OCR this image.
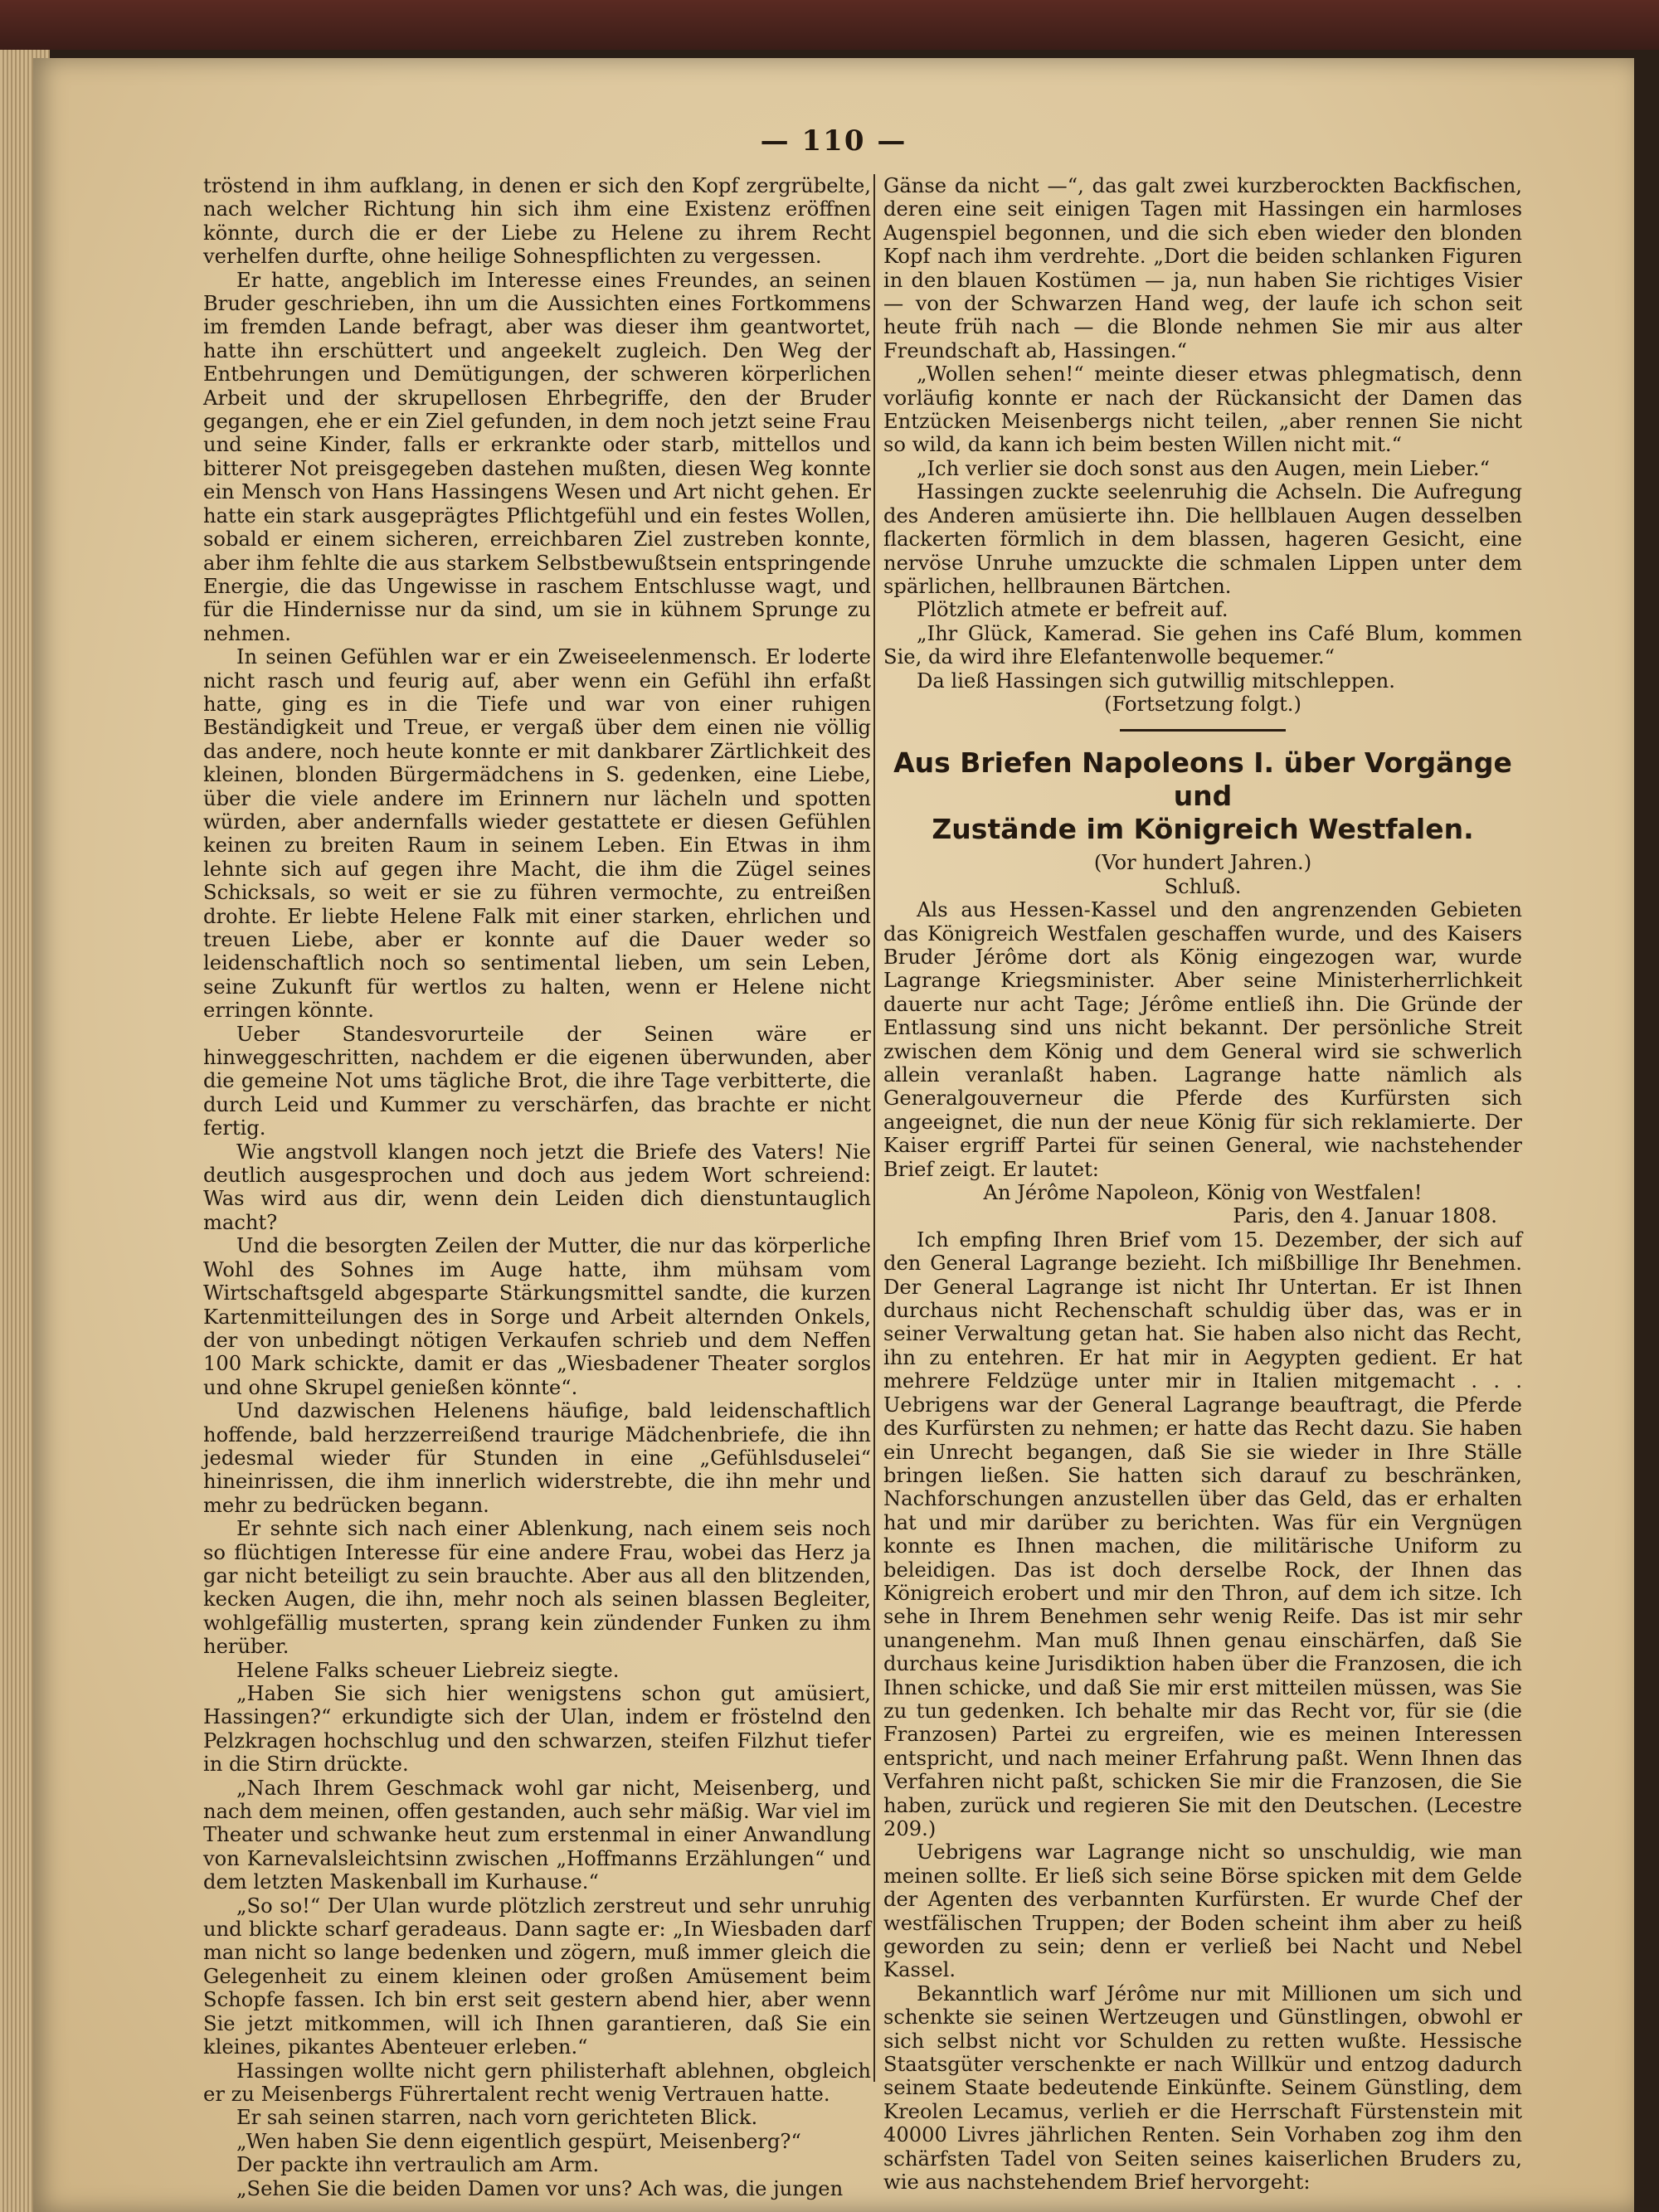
— 110 —

tröstend in ihm aufklang, in denen er sich den Kopf zergrübelte, nach welcher Richtung hin sich ihm eine Existenz eröffnen könnte, durch die er der Liebe zu Helene zu ihrem Recht verhelfen durfte, ohne heilige Sohnespflichten zu vergessen.

Er hatte, angeblich im Interesse eines Freundes, an seinen Bruder geschrieben, ihn um die Aussichten eines Fortkommens im fremden Lande befragt, aber was dieser ihm geantwortet, hatte ihn erschüttert und angeekelt zugleich. Den Weg der Entbehrungen und Demütigungen, der schweren körperlichen Arbeit und der skrupellosen Ehrbegriffe, den der Bruder gegangen, ehe er ein Ziel gefunden, in dem noch jetzt seine Frau und seine Kinder, falls er erkrankte oder starb, mittellos und bitterer Not preisgegeben dastehen mußten, diesen Weg konnte ein Mensch von Hans Hassingens Wesen und Art nicht gehen. Er hatte ein stark ausgeprägtes Pflichtgefühl und ein festes Wollen, sobald er einem sicheren, erreichbaren Ziel zustreben konnte, aber ihm fehlte die aus starkem Selbstbewußtsein entspringende Energie, die das Ungewisse in raschem Entschlusse wagt, und für die Hindernisse nur da sind, um sie in kühnem Sprunge zu nehmen.

In seinen Gefühlen war er ein Zweiseelenmensch. Er loderte nicht rasch und feurig auf, aber wenn ein Gefühl ihn erfaßt hatte, ging es in die Tiefe und war von einer ruhigen Beständigkeit und Treue, er vergaß über dem einen nie völlig das andere, noch heute konnte er mit dankbarer Zärtlichkeit des kleinen, blonden Bürgermädchens in S. gedenken, eine Liebe, über die viele andere im Erinnern nur lächeln und spotten würden, aber andernfalls wieder gestattete er diesen Gefühlen keinen zu breiten Raum in seinem Leben. Ein Etwas in ihm lehnte sich auf gegen ihre Macht, die ihm die Zügel seines Schicksals, so weit er sie zu führen vermochte, zu entreißen drohte. Er liebte Helene Falk mit einer starken, ehrlichen und treuen Liebe, aber er konnte auf die Dauer weder so leidenschaftlich noch so sentimental lieben, um sein Leben, seine Zukunft für wertlos zu halten, wenn er Helene nicht erringen könnte.

Ueber Standesvorurteile der Seinen wäre er hinweggeschritten, nachdem er die eigenen überwunden, aber die gemeine Not ums tägliche Brot, die ihre Tage verbitterte, die durch Leid und Kummer zu verschärfen, das brachte er nicht fertig.

Wie angstvoll klangen noch jetzt die Briefe des Vaters! Nie deutlich ausgesprochen und doch aus jedem Wort schreiend: Was wird aus dir, wenn dein Leiden dich dienstuntauglich macht?

Und die besorgten Zeilen der Mutter, die nur das körperliche Wohl des Sohnes im Auge hatte, ihm mühsam vom Wirtschaftsgeld abgesparte Stärkungsmittel sandte, die kurzen Kartenmitteilungen des in Sorge und Arbeit alternden Onkels, der von unbedingt nötigen Verkaufen schrieb und dem Neffen 100 Mark schickte, damit er das „Wiesbadener Theater sorglos und ohne Skrupel genießen könnte“.

Und dazwischen Helenens häufige, bald leidenschaftlich hoffende, bald herzzerreißend traurige Mädchenbriefe, die ihn jedesmal wieder für Stunden in eine „Gefühlsduselei“ hineinrissen, die ihm innerlich widerstrebte, die ihn mehr und mehr zu bedrücken begann.

Er sehnte sich nach einer Ablenkung, nach einem seis noch so flüchtigen Interesse für eine andere Frau, wobei das Herz ja gar nicht beteiligt zu sein brauchte. Aber aus all den blitzenden, kecken Augen, die ihn, mehr noch als seinen blassen Begleiter, wohlgefällig musterten, sprang kein zündender Funken zu ihm herüber.

Helene Falks scheuer Liebreiz siegte.

„Haben Sie sich hier wenigstens schon gut amüsiert, Hassingen?“ erkundigte sich der Ulan, indem er fröstelnd den Pelzkragen hochschlug und den schwarzen, steifen Filzhut tiefer in die Stirn drückte.

„Nach Ihrem Geschmack wohl gar nicht, Meisenberg, und nach dem meinen, offen gestanden, auch sehr mäßig. War viel im Theater und schwanke heut zum erstenmal in einer Anwandlung von Karnevalsleichtsinn zwischen „Hoffmanns Erzählungen“ und dem letzten Maskenball im Kurhause.“

„So so!“ Der Ulan wurde plötzlich zerstreut und sehr unruhig und blickte scharf geradeaus. Dann sagte er: „In Wiesbaden darf man nicht so lange bedenken und zögern, muß immer gleich die Gelegenheit zu einem kleinen oder großen Amüsement beim Schopfe fassen. Ich bin erst seit gestern abend hier, aber wenn Sie jetzt mitkommen, will ich Ihnen garantieren, daß Sie ein kleines, pikantes Abenteuer erleben.“

Hassingen wollte nicht gern philisterhaft ablehnen, obgleich er zu Meisenbergs Führertalent recht wenig Vertrauen hatte.

Er sah seinen starren, nach vorn gerichteten Blick.

„Wen haben Sie denn eigentlich gespürt, Meisenberg?“

Der packte ihn vertraulich am Arm.

„Sehen Sie die beiden Damen vor uns? Ach was, die jungen

Gänse da nicht —“, das galt zwei kurzberockten Backfischen, deren eine seit einigen Tagen mit Hassingen ein harmloses Augenspiel begonnen, und die sich eben wieder den blonden Kopf nach ihm verdrehte. „Dort die beiden schlanken Figuren in den blauen Kostümen — ja, nun haben Sie richtiges Visier — von der Schwarzen Hand weg, der laufe ich schon seit heute früh nach — die Blonde nehmen Sie mir aus alter Freundschaft ab, Hassingen.“

„Wollen sehen!“ meinte dieser etwas phlegmatisch, denn vorläufig konnte er nach der Rückansicht der Damen das Entzücken Meisenbergs nicht teilen, „aber rennen Sie nicht so wild, da kann ich beim besten Willen nicht mit.“

„Ich verlier sie doch sonst aus den Augen, mein Lieber.“

Hassingen zuckte seelenruhig die Achseln. Die Aufregung des Anderen amüsierte ihn. Die hellblauen Augen desselben flackerten förmlich in dem blassen, hageren Gesicht, eine nervöse Unruhe umzuckte die schmalen Lippen unter dem spärlichen, hellbraunen Bärtchen.

Plötzlich atmete er befreit auf.

„Ihr Glück, Kamerad. Sie gehen ins Café Blum, kommen Sie, da wird ihre Elefantenwolle bequemer.“

Da ließ Hassingen sich gutwillig mitschleppen.

(Fortsetzung folgt.)

Aus Briefen Napoleons I. über Vorgänge und
Zustände im Königreich Westfalen.

(Vor hundert Jahren.)

Schluß.

Als aus Hessen-Kassel und den angrenzenden Gebieten das Königreich Westfalen geschaffen wurde, und des Kaisers Bruder Jérôme dort als König eingezogen war, wurde Lagrange Kriegsminister. Aber seine Ministerherrlichkeit dauerte nur acht Tage; Jérôme entließ ihn. Die Gründe der Entlassung sind uns nicht bekannt. Der persönliche Streit zwischen dem König und dem General wird sie schwerlich allein veranlaßt haben. Lagrange hatte nämlich als Generalgouverneur die Pferde des Kurfürsten sich angeeignet, die nun der neue König für sich reklamierte. Der Kaiser ergriff Partei für seinen General, wie nachstehender Brief zeigt. Er lautet:

An Jérôme Napoleon, König von Westfalen!

Paris, den 4. Januar 1808.

Ich empfing Ihren Brief vom 15. Dezember, der sich auf den General Lagrange bezieht. Ich mißbillige Ihr Benehmen. Der General Lagrange ist nicht Ihr Untertan. Er ist Ihnen durchaus nicht Rechenschaft schuldig über das, was er in seiner Verwaltung getan hat. Sie haben also nicht das Recht, ihn zu entehren. Er hat mir in Aegypten gedient. Er hat mehrere Feldzüge unter mir in Italien mitgemacht . . . Uebrigens war der General Lagrange beauftragt, die Pferde des Kurfürsten zu nehmen; er hatte das Recht dazu. Sie haben ein Unrecht begangen, daß Sie sie wieder in Ihre Ställe bringen ließen. Sie hatten sich darauf zu beschränken, Nachforschungen anzustellen über das Geld, das er erhalten hat und mir darüber zu berichten. Was für ein Vergnügen konnte es Ihnen machen, die militärische Uniform zu beleidigen. Das ist doch derselbe Rock, der Ihnen das Königreich erobert und mir den Thron, auf dem ich sitze. Ich sehe in Ihrem Benehmen sehr wenig Reife. Das ist mir sehr unangenehm. Man muß Ihnen genau einschärfen, daß Sie durchaus keine Jurisdiktion haben über die Franzosen, die ich Ihnen schicke, und daß Sie mir erst mitteilen müssen, was Sie zu tun gedenken. Ich behalte mir das Recht vor, für sie (die Franzosen) Partei zu ergreifen, wie es meinen Interessen entspricht, und nach meiner Erfahrung paßt. Wenn Ihnen das Verfahren nicht paßt, schicken Sie mir die Franzosen, die Sie haben, zurück und regieren Sie mit den Deutschen. (Lecestre 209.)

Uebrigens war Lagrange nicht so unschuldig, wie man meinen sollte. Er ließ sich seine Börse spicken mit dem Gelde der Agenten des verbannten Kurfürsten. Er wurde Chef der westfälischen Truppen; der Boden scheint ihm aber zu heiß geworden zu sein; denn er verließ bei Nacht und Nebel Kassel.

Bekanntlich warf Jérôme nur mit Millionen um sich und schenkte sie seinen Wertzeugen und Günstlingen, obwohl er sich selbst nicht vor Schulden zu retten wußte. Hessische Staatsgüter verschenkte er nach Willkür und entzog dadurch seinem Staate bedeutende Einkünfte. Seinem Günstling, dem Kreolen Lecamus, verlieh er die Herrschaft Fürstenstein mit 40000 Livres jährlichen Renten. Sein Vorhaben zog ihm den schärfsten Tadel von Seiten seines kaiserlichen Bruders zu, wie aus nachstehendem Brief hervorgeht:
